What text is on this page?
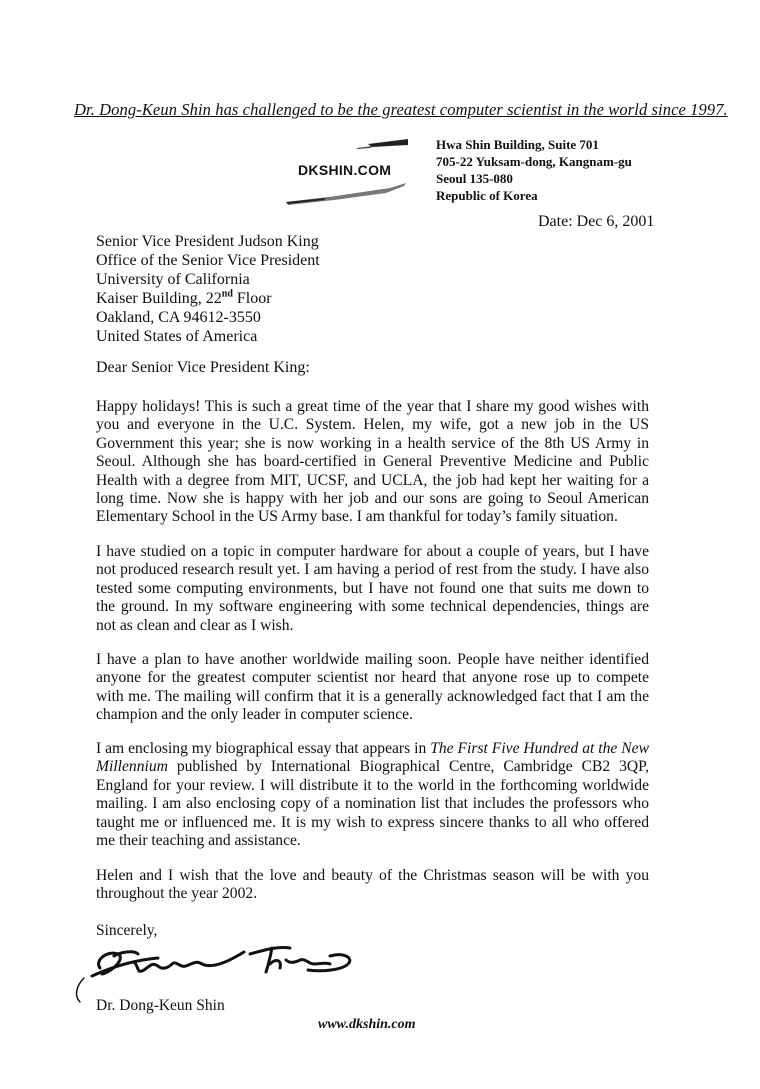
Dr. Dong-Keun Shin has challenged to be the greatest computer scientist in the world since 1997.
DKSHIN.COM
Hwa Shin Building, Suite 701
705-22 Yuksam-dong, Kangnam-gu
Seoul 135-080
Republic of Korea
Date: Dec 6, 2001
Senior Vice President Judson King
Office of the Senior Vice President
University of California
Kaiser Building, 22nd Floor
Oakland, CA 94612-3550
United States of America
Dear Senior Vice President King:
Happy holidays! This is such a great time of the year that I share my good wishes with you and everyone in the U.C. System. Helen, my wife, got a new job in the US Government this year; she is now working in a health service of the 8th US Army in Seoul. Although she has board-certified in General Preventive Medicine and Public Health with a degree from MIT, UCSF, and UCLA, the job had kept her waiting for a long time. Now she is happy with her job and our sons are going to Seoul American Elementary School in the US Army base. I am thankful for today’s family situation.
I have studied on a topic in computer hardware for about a couple of years, but I have not produced research result yet. I am having a period of rest from the study. I have also tested some computing environments, but I have not found one that suits me down to the ground. In my software engineering with some technical dependencies, things are not as clean and clear as I wish.
I have a plan to have another worldwide mailing soon. People have neither identified anyone for the greatest computer scientist nor heard that anyone rose up to compete with me. The mailing will confirm that it is a generally acknowledged fact that I am the champion and the only leader in computer science.
I am enclosing my biographical essay that appears in The First Five Hundred at the New Millennium published by International Biographical Centre, Cambridge CB2 3QP, England for your review. I will distribute it to the world in the forthcoming worldwide mailing. I am also enclosing copy of a nomination list that includes the professors who taught me or influenced me. It is my wish to express sincere thanks to all who offered me their teaching and assistance.
Helen and I wish that the love and beauty of the Christmas season will be with you throughout the year 2002.
Sincerely,
Dr. Dong-Keun Shin
www.dkshin.com
